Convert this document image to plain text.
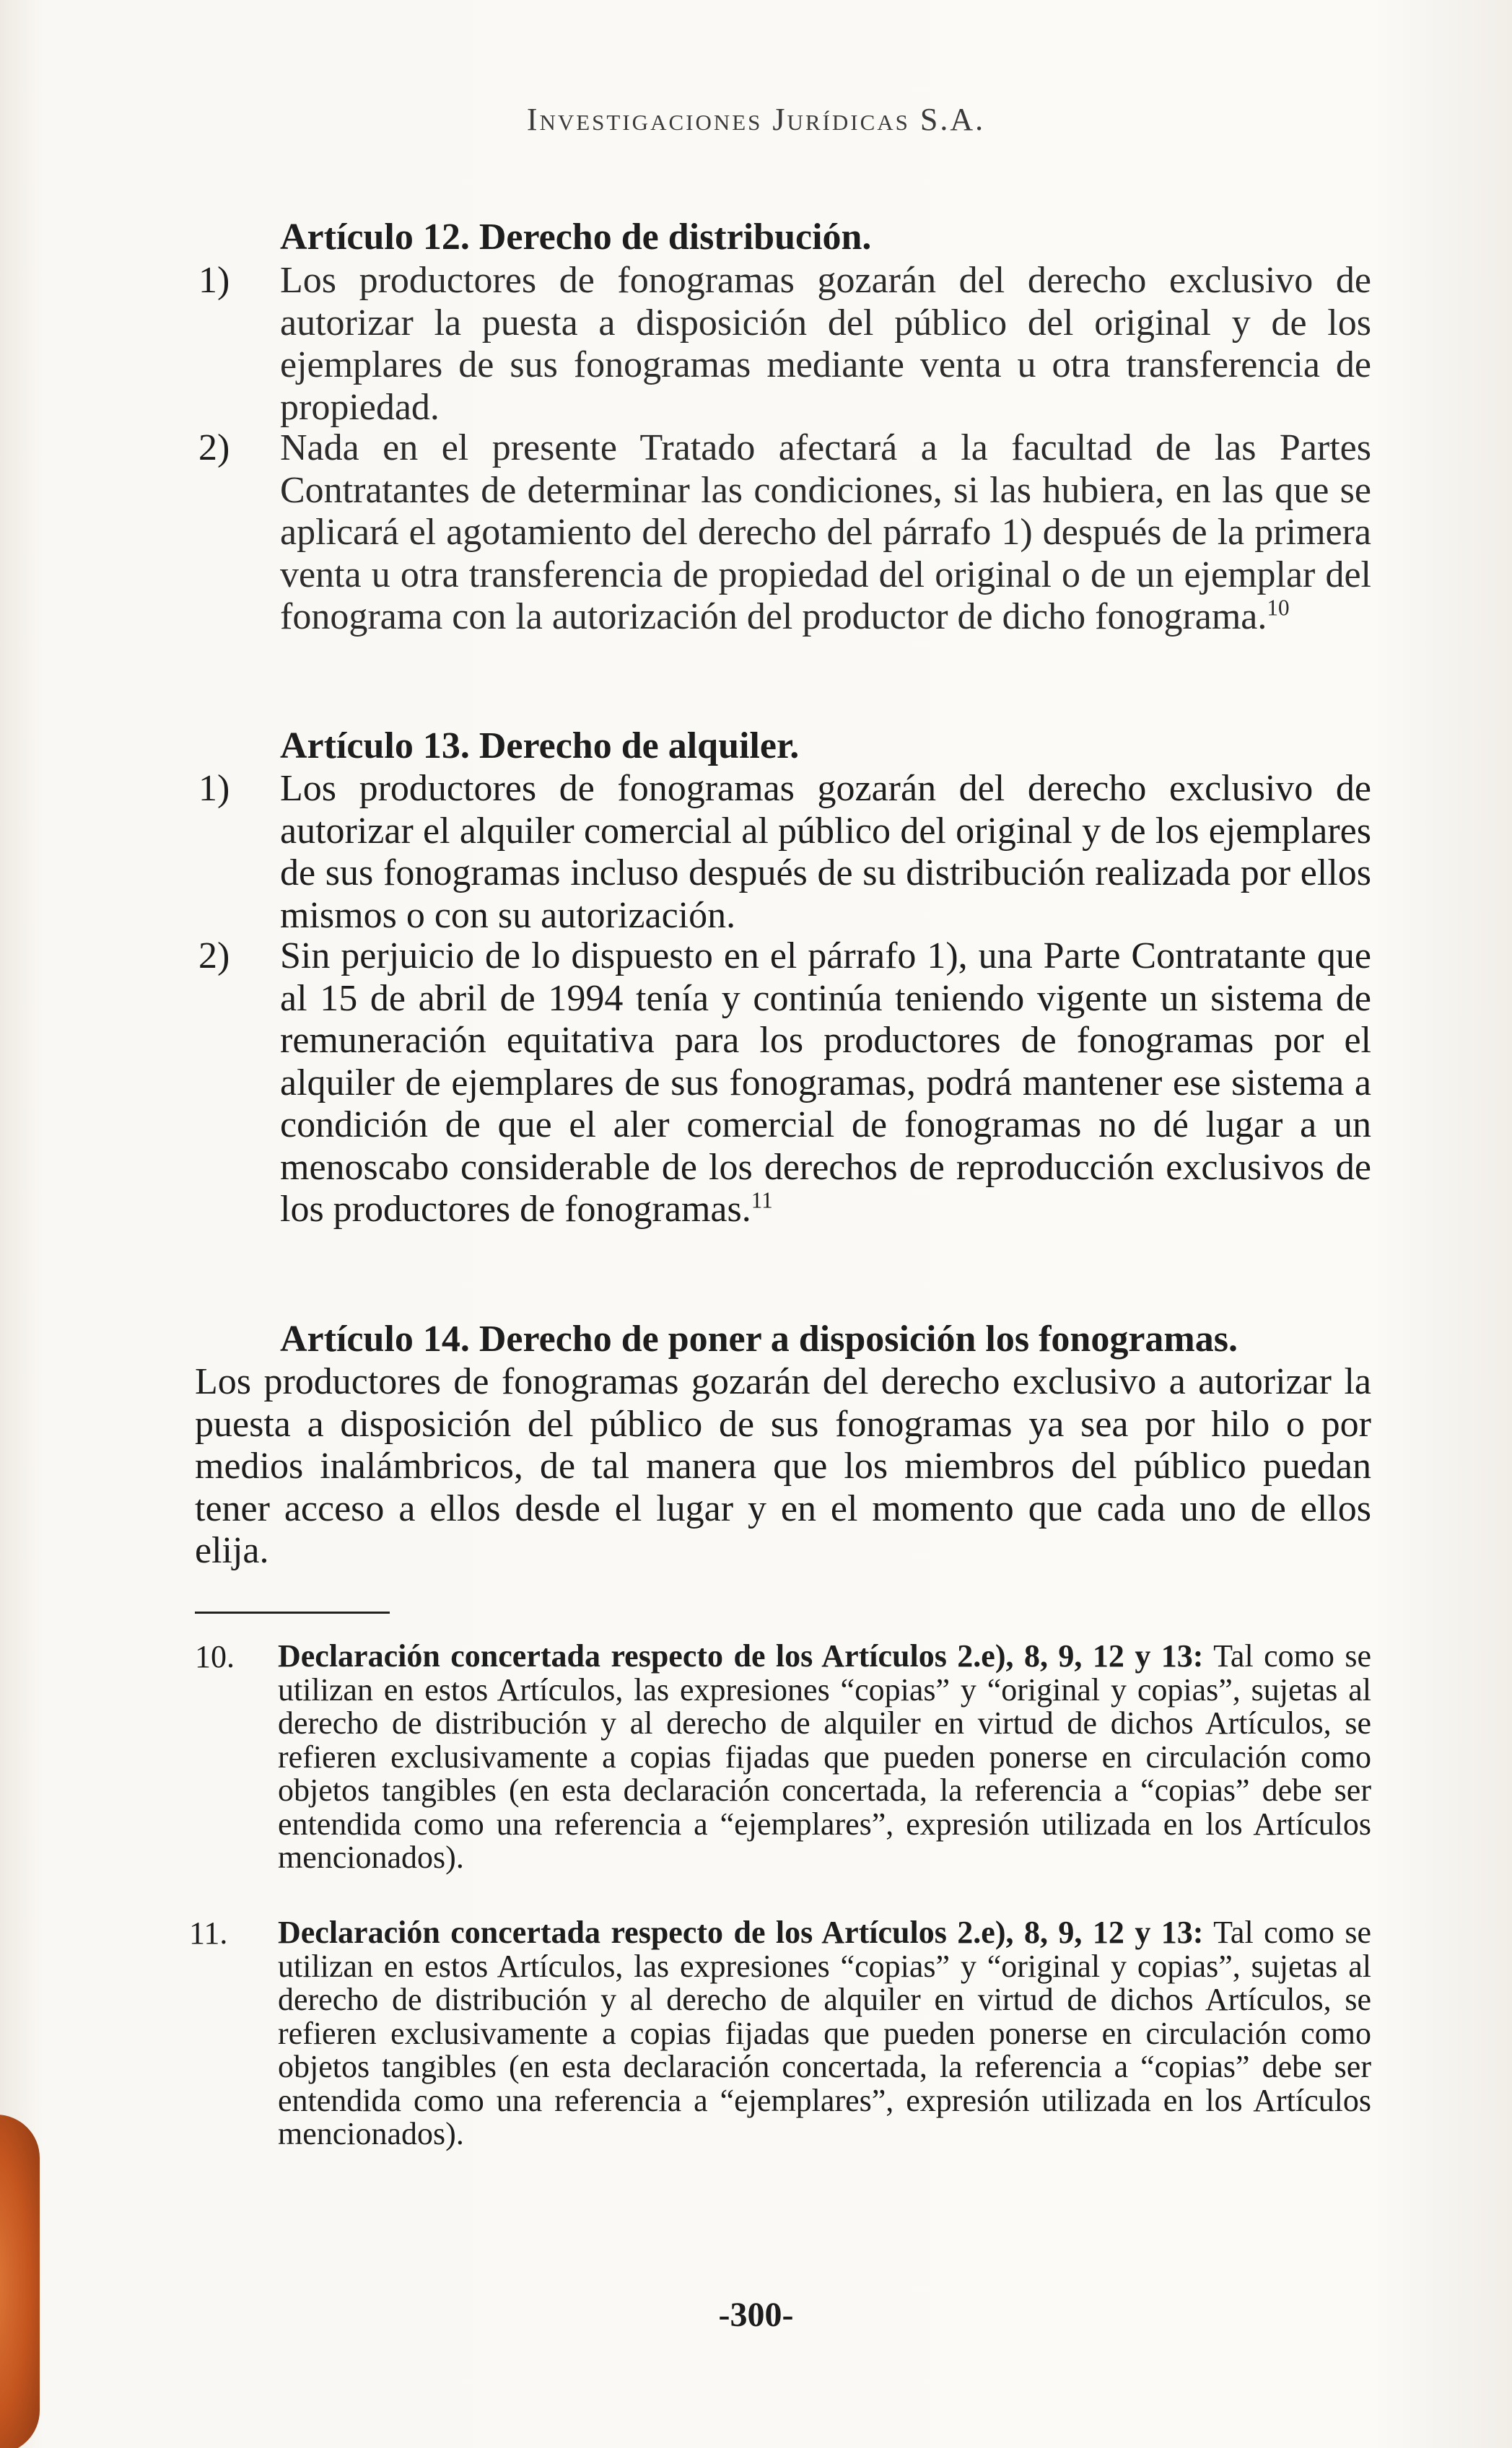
Investigaciones Jurídicas S.A.
Artículo 12. Derecho de distribución.
1) Los productores de fonogramas gozarán del derecho exclusivo de autorizar la puesta a disposición del público del original y de los ejemplares de sus fonogramas mediante venta u otra transferencia de propiedad.
2) Nada en el presente Tratado afectará a la facultad de las Partes Contratantes de determinar las condiciones, si las hubiera, en las que se aplicará el agotamiento del derecho del párrafo 1) después de la primera venta u otra transferencia de propiedad del original o de un ejemplar del fonograma con la autorización del productor de dicho fonograma.$^{10}$
Artículo 13. Derecho de alquiler.
1) Los productores de fonogramas gozarán del derecho exclusivo de autorizar el alquiler comercial al público del original y de los ejemplares de sus fonogramas incluso después de su distribución realizada por ellos mismos o con su autorización.
2) Sin perjuicio de lo dispuesto en el párrafo 1), una Parte Contratante que al 15 de abril de 1994 tenía y continúa teniendo vigente un sistema de remuneración equitativa para los productores de fonogramas por el alquiler de ejemplares de sus fonogramas, podrá mantener ese sistema a condición de que el aler comercial de fonogramas no dé lugar a un menoscabo considerable de los derechos de reproducción exclusivos de los productores de fonogramas.$^{11}$
Artículo 14. Derecho de poner a disposición los fonogramas.
Los productores de fonogramas gozarán del derecho exclusivo a autorizar la puesta a disposición del público de sus fonogramas ya sea por hilo o por medios inalámbricos, de tal manera que los miembros del público puedan tener acceso a ellos desde el lugar y en el momento que cada uno de ellos elija.
10. Declaración concertada respecto de los Artículos 2.e), 8, 9, 12 y 13: Tal como se utilizan en estos Artículos, las expresiones “copias” y “original y copias”, sujetas al derecho de distribución y al derecho de alquiler en virtud de dichos Artículos, se refieren exclusivamente a copias fijadas que pueden ponerse en circulación como objetos tangibles (en esta declaración concertada, la referencia a “copias” debe ser entendida como una referencia a “ejemplares”, expresión utilizada en los Artículos mencionados).
11. Declaración concertada respecto de los Artículos 2.e), 8, 9, 12 y 13: Tal como se utilizan en estos Artículos, las expresiones “copias” y “original y copias”, sujetas al derecho de distribución y al derecho de alquiler en virtud de dichos Artículos, se refieren exclusivamente a copias fijadas que pueden ponerse en circulación como objetos tangibles (en esta declaración concertada, la referencia a “copias” debe ser entendida como una referencia a “ejemplares”, expresión utilizada en los Artículos mencionados).
-300-
